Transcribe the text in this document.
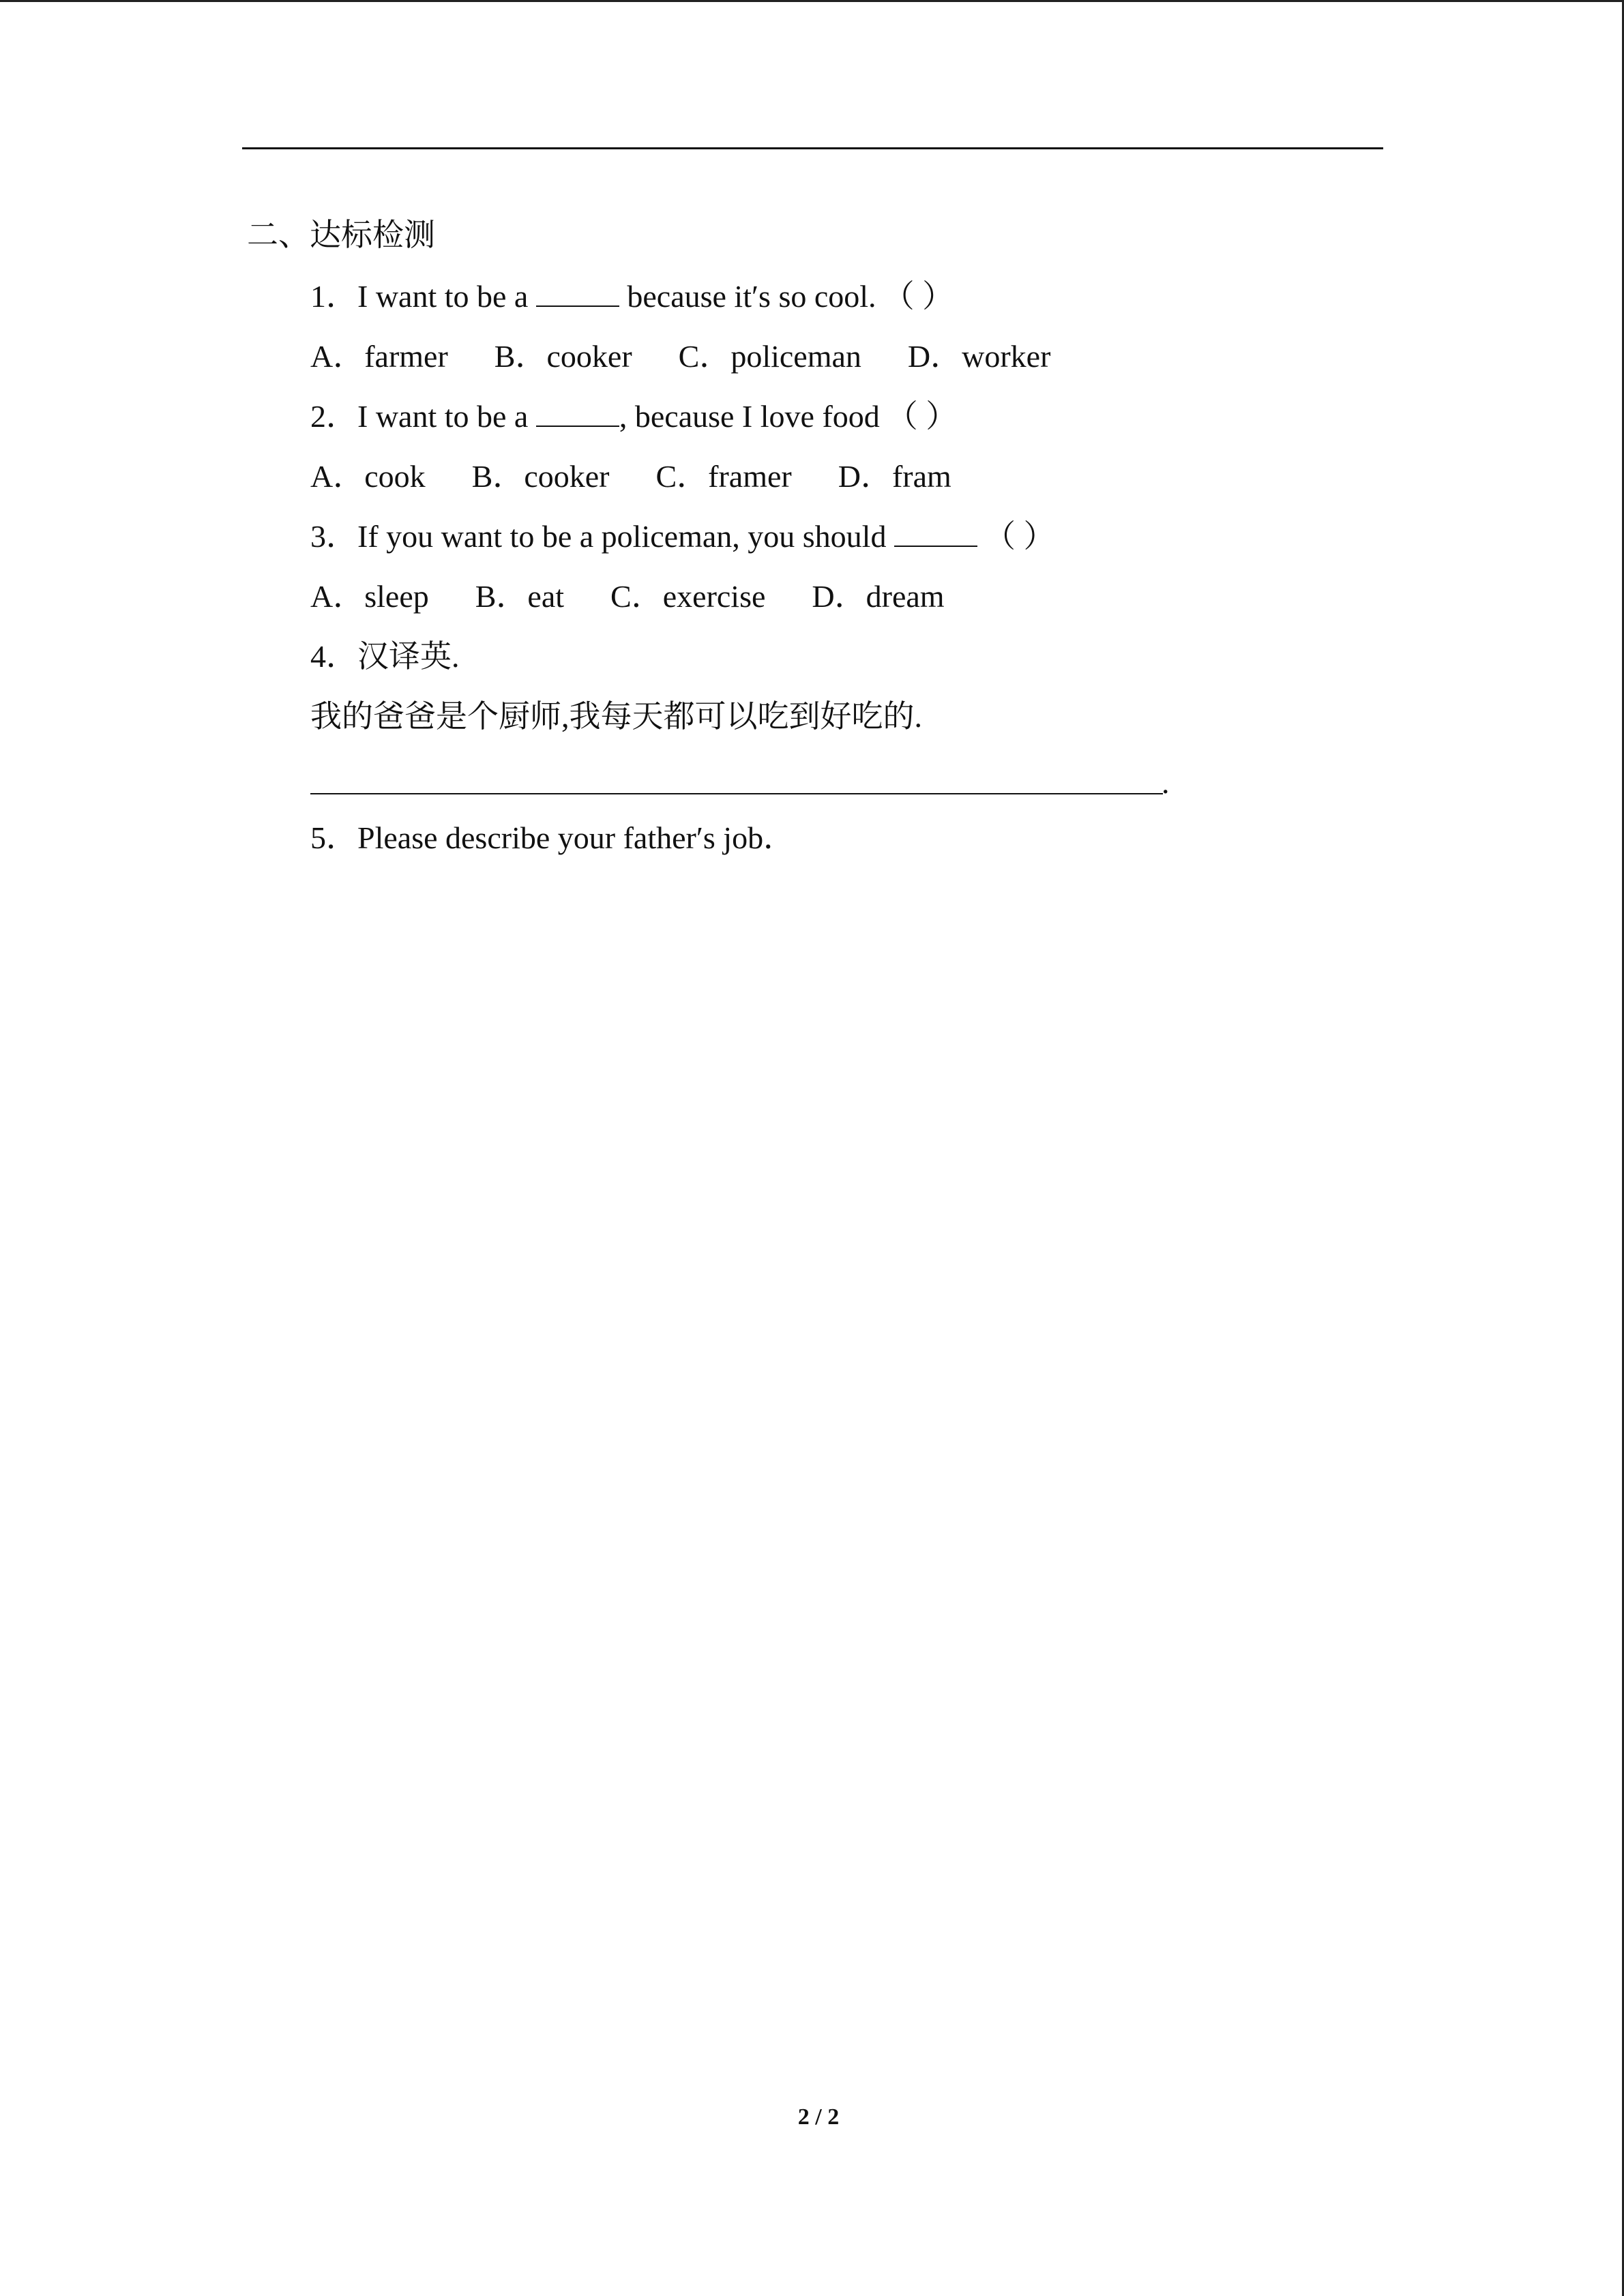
二、达标检测
1．I want to be a	because it′s so cool. （ ）
A．farmer B．cooker C．policeman D．worker
2．I want to be a	, because I love food （ ）
A．cook B．cooker C．framer D．fram
3．If you want to be a policeman, you should	（ ）
A．sleep B．eat C．exercise D．dream
4．汉译英.
我的爸爸是个厨师,我每天都可以吃到好吃的.
.
5．Please describe your father′s job．
2 / 2
